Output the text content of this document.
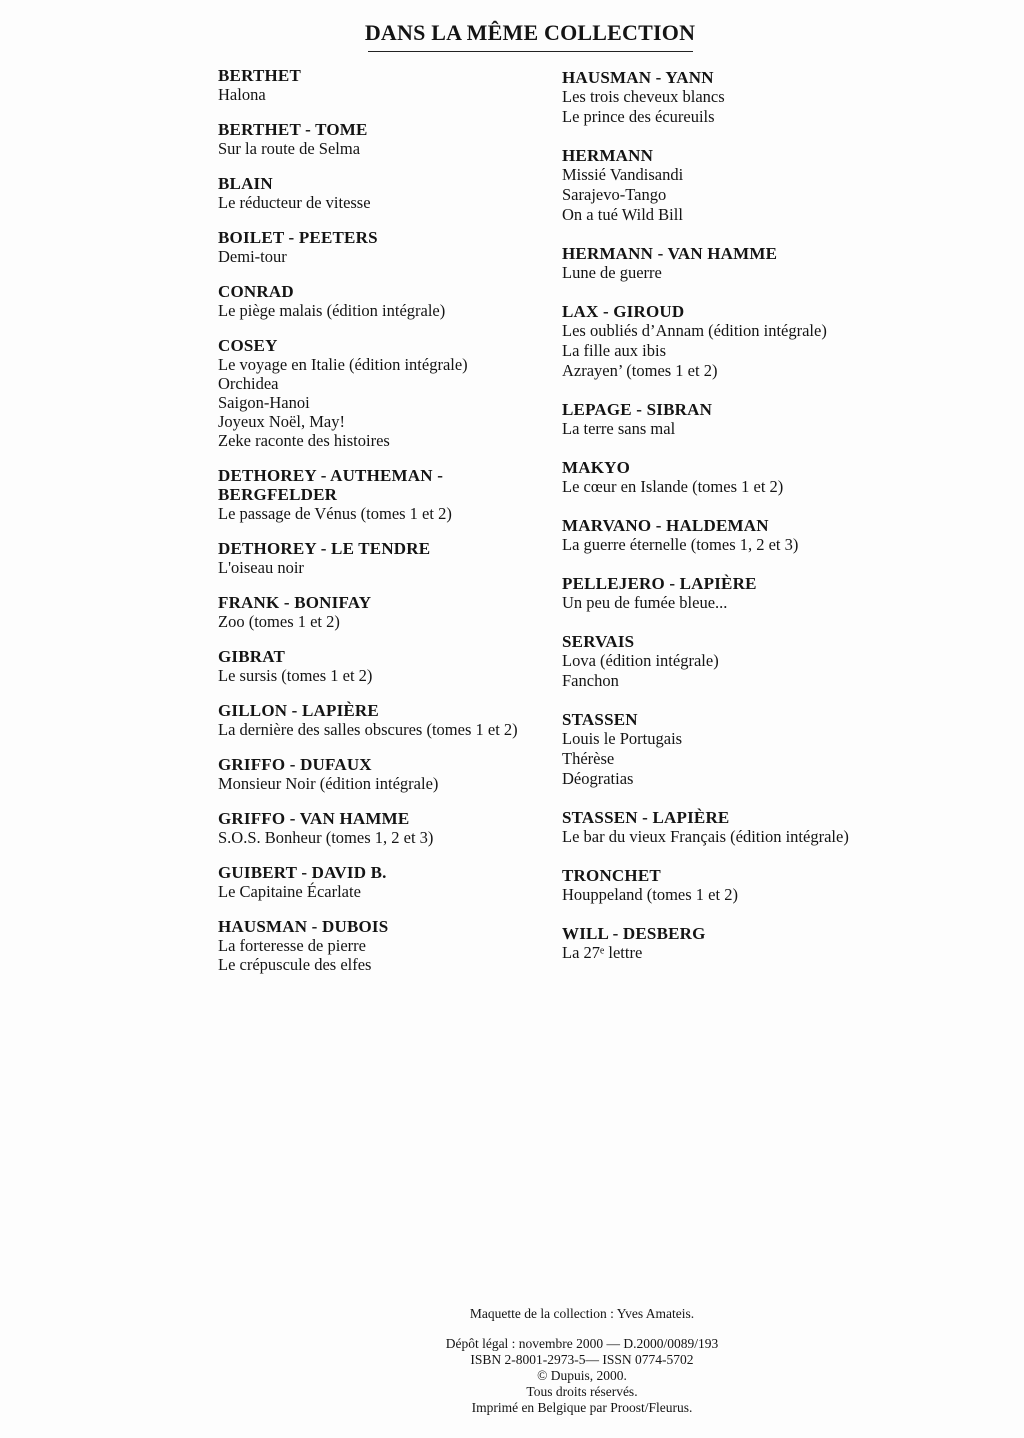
DANS LA MÊME COLLECTION
BERTHET
Halona
BERTHET - TOME
Sur la route de Selma
BLAIN
Le réducteur de vitesse
BOILET - PEETERS
Demi-tour
CONRAD
Le piège malais (édition intégrale)
COSEY
Le voyage en Italie (édition intégrale)
Orchidea
Saigon-Hanoi
Joyeux Noël, May!
Zeke raconte des histoires
DETHOREY - AUTHEMAN - BERGFELDER
Le passage de Vénus (tomes 1 et 2)
DETHOREY - LE TENDRE
L'oiseau noir
FRANK - BONIFAY
Zoo (tomes 1 et 2)
GIBRAT
Le sursis (tomes 1 et 2)
GILLON - LAPIÈRE
La dernière des salles obscures (tomes 1 et 2)
GRIFFO - DUFAUX
Monsieur Noir (édition intégrale)
GRIFFO - VAN HAMME
S.O.S. Bonheur (tomes 1, 2 et 3)
GUIBERT - DAVID B.
Le Capitaine Écarlate
HAUSMAN - DUBOIS
La forteresse de pierre
Le crépuscule des elfes
HAUSMAN - YANN
Les trois cheveux blancs
Le prince des écureuils
HERMANN
Missié Vandisandi
Sarajevo-Tango
On a tué Wild Bill
HERMANN - VAN HAMME
Lune de guerre
LAX - GIROUD
Les oubliés d’Annam (édition intégrale)
La fille aux ibis
Azrayen’ (tomes 1 et 2)
LEPAGE - SIBRAN
La terre sans mal
MAKYO
Le cœur en Islande (tomes 1 et 2)
MARVANO - HALDEMAN
La guerre éternelle (tomes 1, 2 et 3)
PELLEJERO - LAPIÈRE
Un peu de fumée bleue...
SERVAIS
Lova (édition intégrale)
Fanchon
STASSEN
Louis le Portugais
Thérèse
Déogratias
STASSEN - LAPIÈRE
Le bar du vieux Français (édition intégrale)
TRONCHET
Houppeland (tomes 1 et 2)
WILL - DESBERG
La 27ᵉ lettre
Maquette de la collection : Yves Amateis.
Dépôt légal : novembre 2000 — D.2000/0089/193
ISBN 2-8001-2973-5— ISSN 0774-5702
© Dupuis, 2000.
Tous droits réservés.
Imprimé en Belgique par Proost/Fleurus.
